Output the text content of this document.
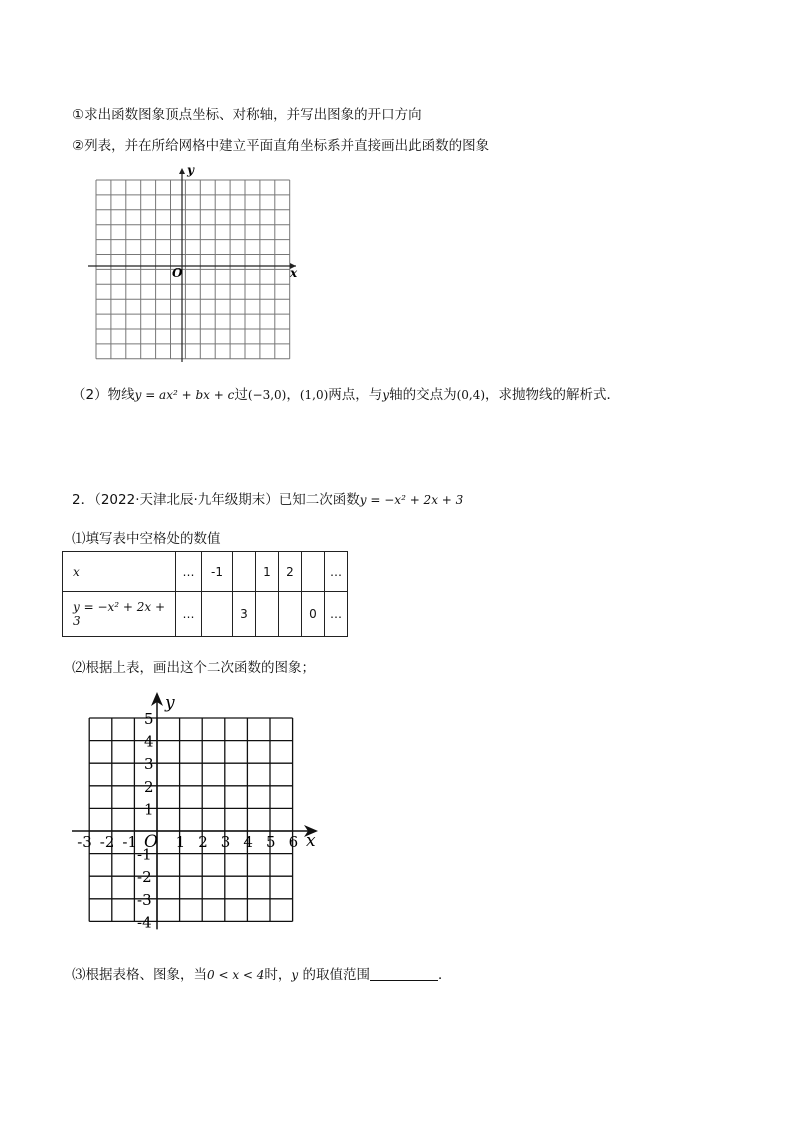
①求出函数图象顶点坐标、对称轴，并写出图象的开口方向
②列表，并在所给网格中建立平面直角坐标系并直接画出此函数的图象
y
x
O
（2）物线y = ax² + bx + c过(−3,0)，(1,0)两点，与y轴的交点为(0,4)，求抛物线的解析式．
2．（2022·天津北辰·九年级期末）已知二次函数y = −x² + 2x + 3
⑴填写表中空格处的数值
x	…	-1		1	2		…
y = −x² + 2x + 3	…		3			0	…
⑵根据上表，画出这个二次函数的图象；
y
x
O
-3 -2 -1	1 2 3 4 5 6
5
4
3
2
1
-1
-2
-3
-4
⑶根据表格、图象，当0 < x < 4时，y 的取值范围	．
